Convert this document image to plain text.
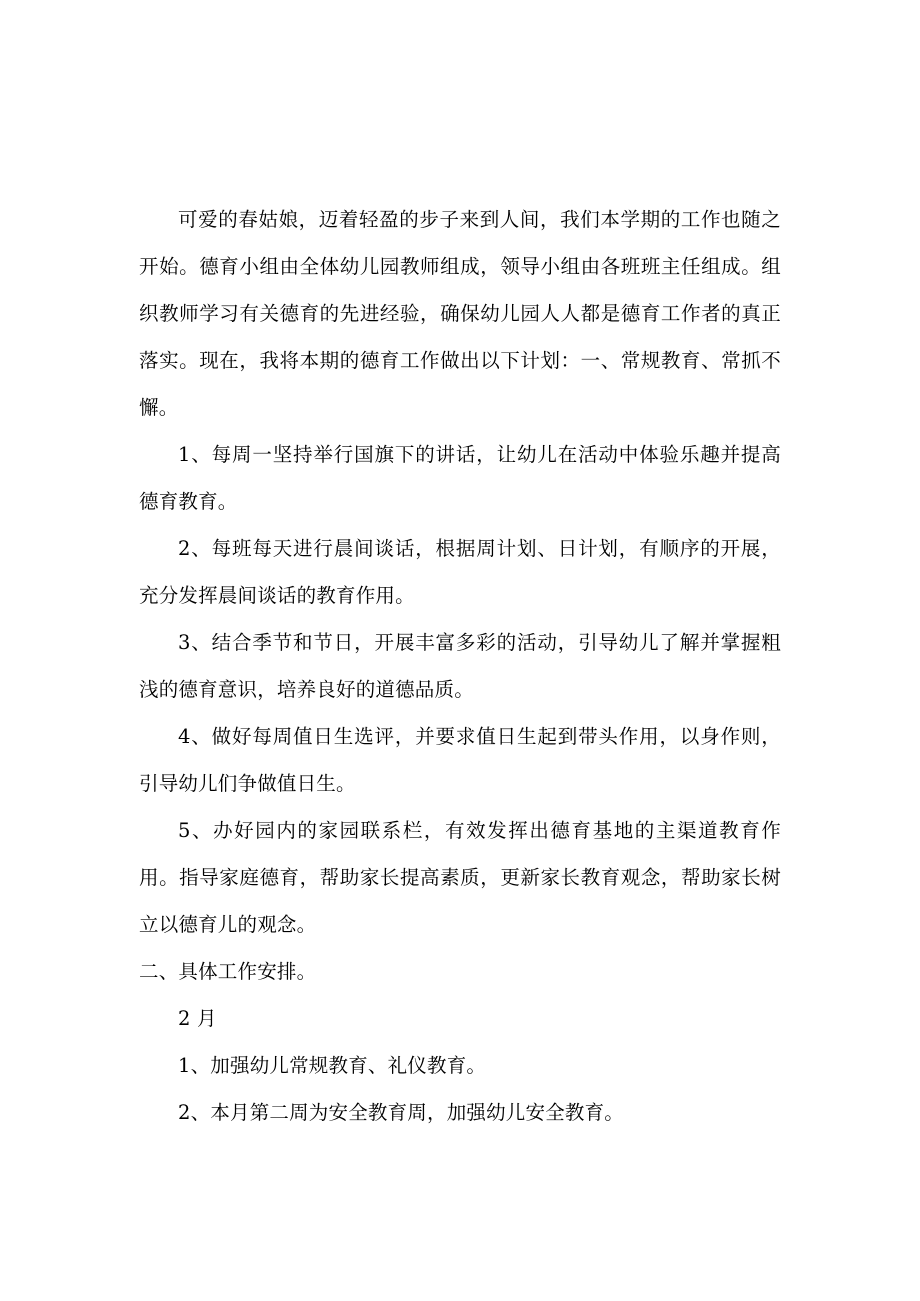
可爱的春姑娘，迈着轻盈的步子来到人间，我们本学期的工作也随之开始。德育小组由全体幼儿园教师组成，领导小组由各班班主任组成。组织教师学习有关德育的先进经验，确保幼儿园人人都是德育工作者的真正落实。现在，我将本期的德育工作做出以下计划：一、常规教育、常抓不懈。

1、每周一坚持举行国旗下的讲话，让幼儿在活动中体验乐趣并提高德育教育。

2、每班每天进行晨间谈话，根据周计划、日计划，有顺序的开展，充分发挥晨间谈话的教育作用。

3、结合季节和节日，开展丰富多彩的活动，引导幼儿了解并掌握粗浅的德育意识，培养良好的道德品质。

4、做好每周值日生选评，并要求值日生起到带头作用，以身作则，引导幼儿们争做值日生。

5、办好园内的家园联系栏，有效发挥出德育基地的主渠道教育作用。指导家庭德育，帮助家长提高素质，更新家长教育观念，帮助家长树立以德育儿的观念。

二、具体工作安排。

2 月

1、加强幼儿常规教育、礼仪教育。

2、本月第二周为安全教育周，加强幼儿安全教育。
